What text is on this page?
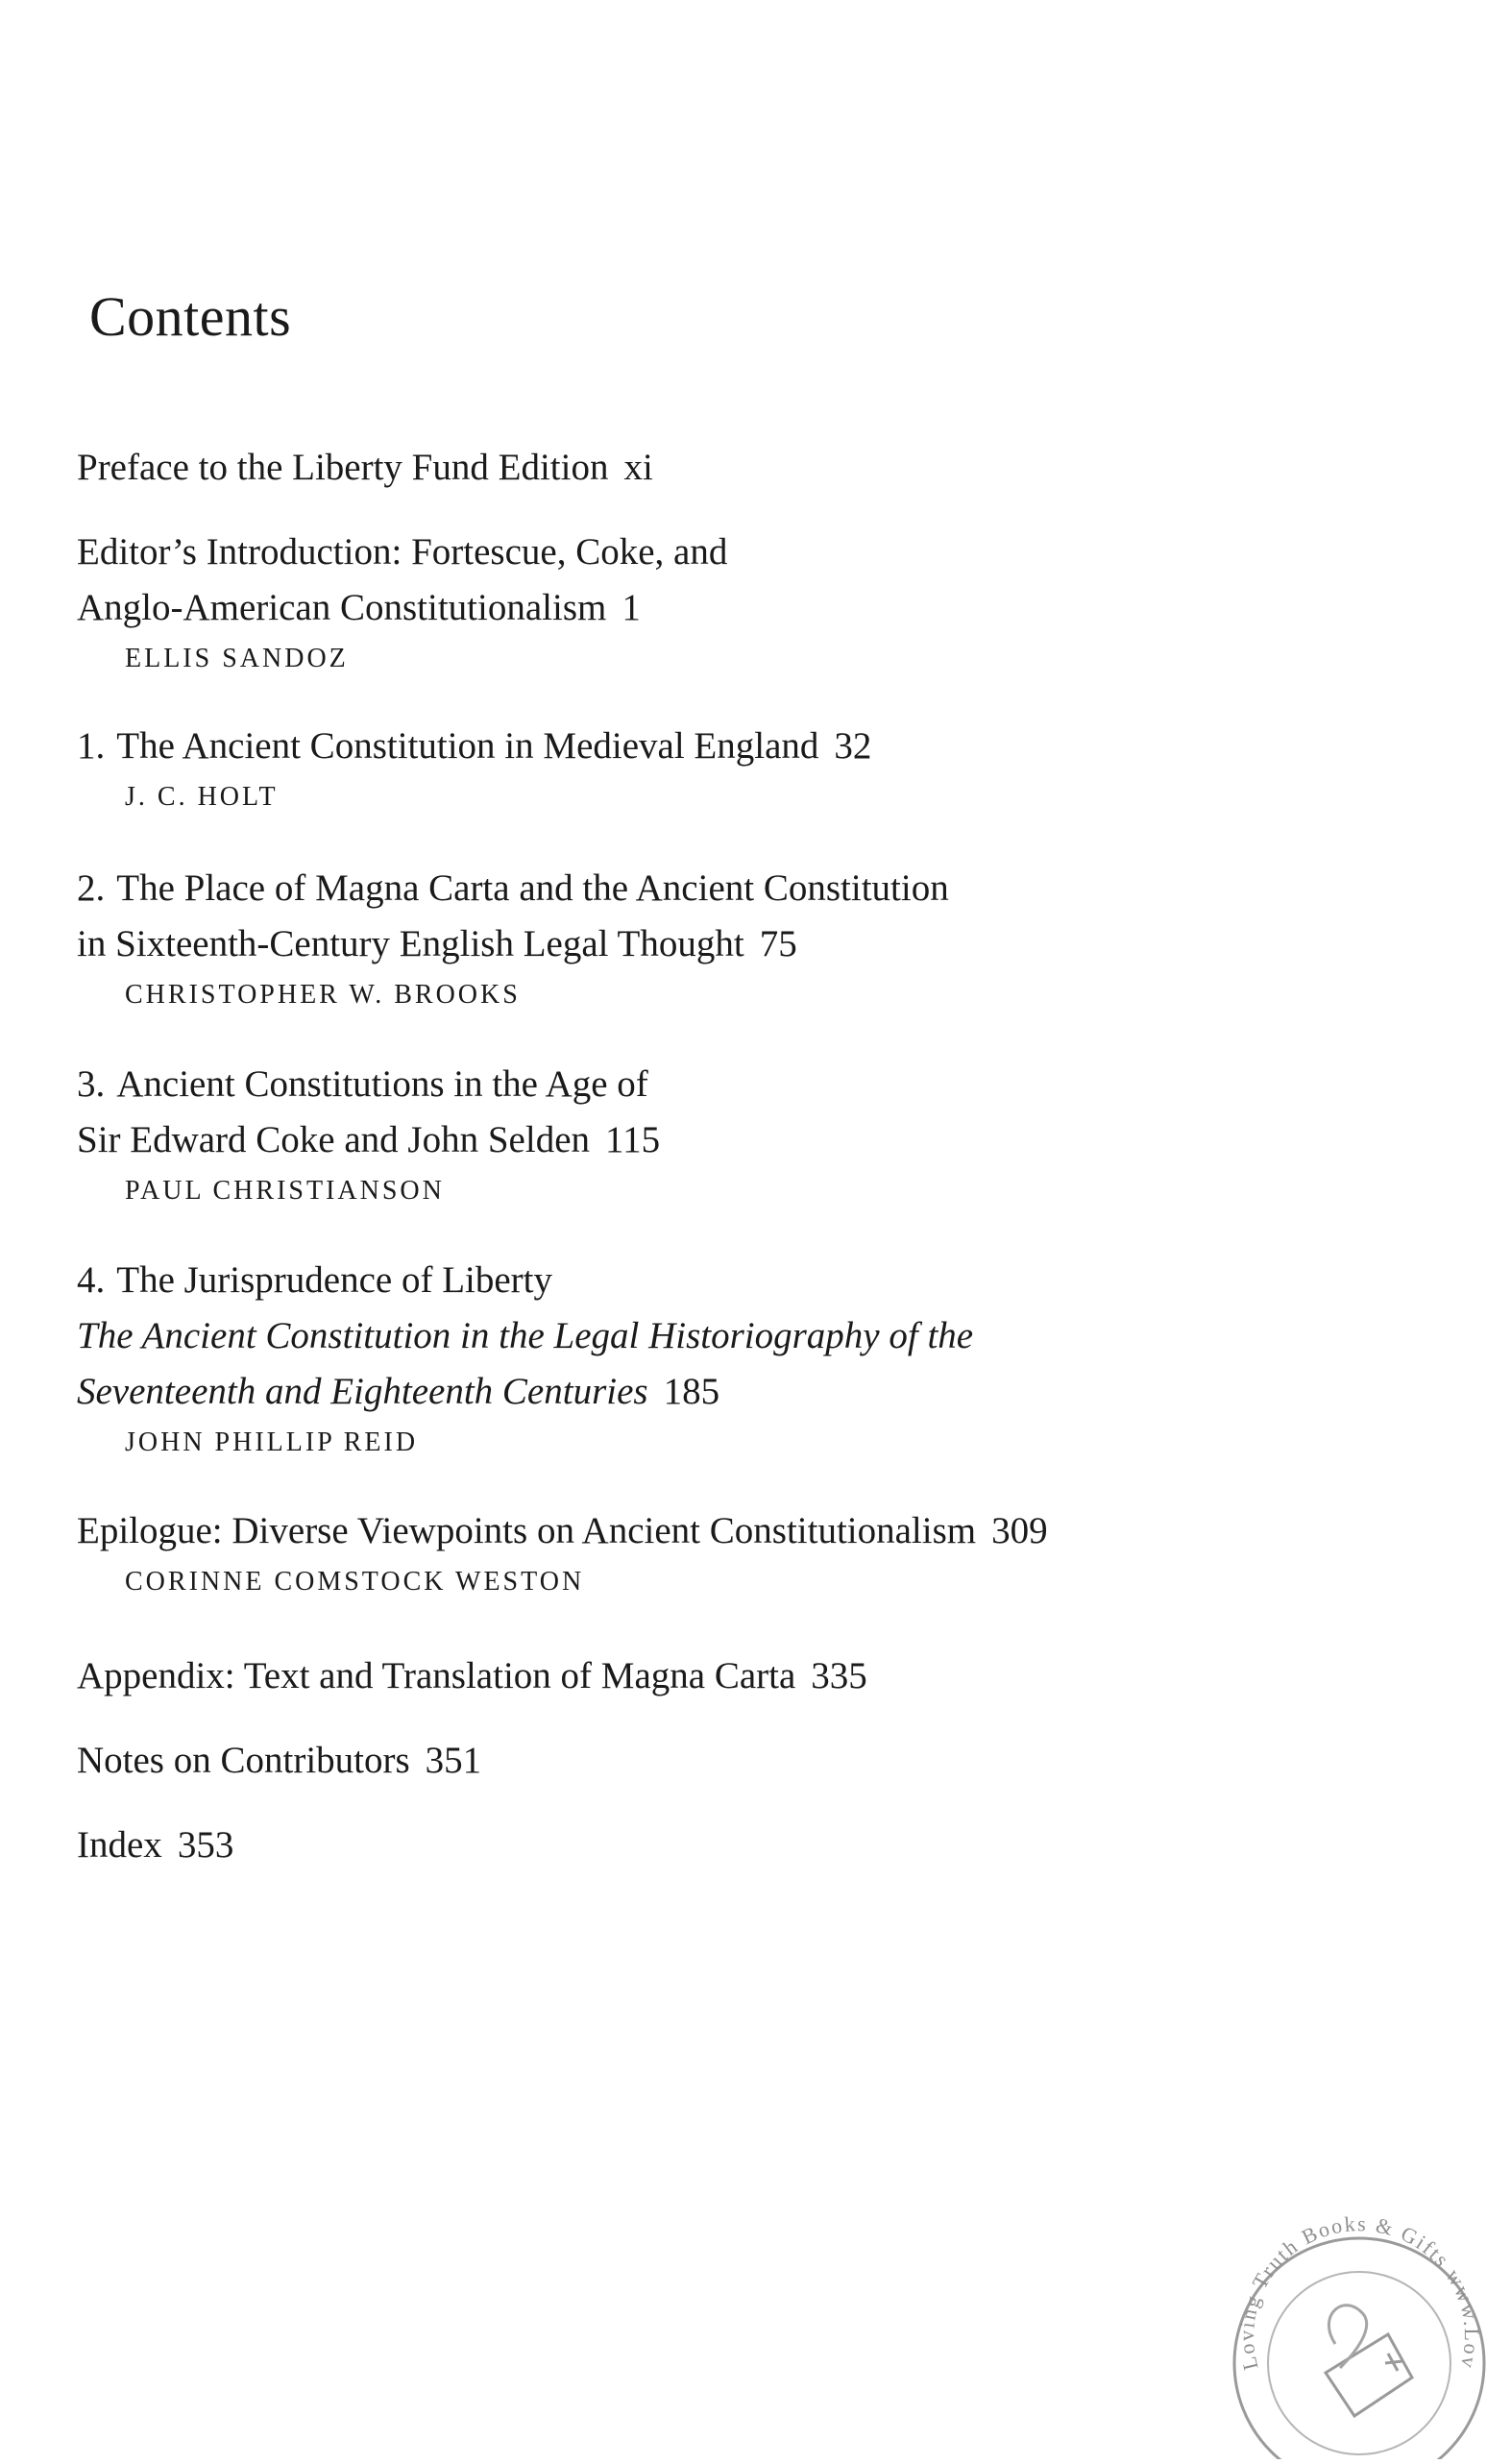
Contents
Preface to the Liberty Fund Edition xi
Editor’s Introduction: Fortescue, Coke, and
Anglo-American Constitutionalism 1
ELLIS SANDOZ
1. The Ancient Constitution in Medieval England 32
J. C. HOLT
2. The Place of Magna Carta and the Ancient Constitution
in Sixteenth-Century English Legal Thought 75
CHRISTOPHER W. BROOKS
3. Ancient Constitutions in the Age of
Sir Edward Coke and John Selden 115
PAUL CHRISTIANSON
4. The Jurisprudence of Liberty
The Ancient Constitution in the Legal Historiography of the
Seventeenth and Eighteenth Centuries 185
JOHN PHILLIP REID
Epilogue: Diverse Viewpoints on Ancient Constitutionalism 309
CORINNE COMSTOCK WESTON
Appendix: Text and Translation of Magna Carta 335
Notes on Contributors 351
Index 353
Loving Truth Books & Gifts www.Lov
